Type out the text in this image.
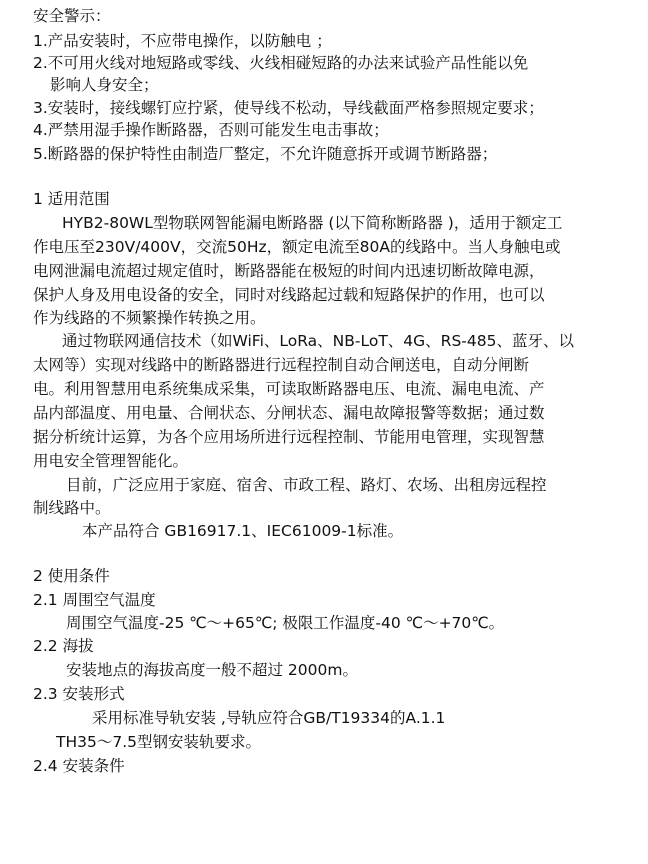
安全警示：
1.产品安装时，不应带电操作，以防触电 ；
2.不可用火线对地短路或零线、火线相碰短路的办法来试验产品性能以免
影响人身安全；
3.安装时，接线螺钉应拧紧，使导线不松动，导线截面严格参照规定要求；
4.严禁用湿手操作断路器，否则可能发生电击事故；
5.断路器的保护特性由制造厂整定，不允许随意拆开或调节断路器；
1 适用范围
HYB2-80WL型物联网智能漏电断路器 (以下简称断路器 )，适用于额定工
作电压至230V/400V，交流50Hz，额定电流至80A的线路中。当人身触电或
电网泄漏电流超过规定值时，断路器能在极短的时间内迅速切断故障电源，
保护人身及用电设备的安全，同时对线路起过载和短路保护的作用，也可以
作为线路的不频繁操作转换之用。
通过物联网通信技术（如WiFi、LoRa、NB-LoT、4G、RS-485、蓝牙、以
太网等）实现对线路中的断路器进行远程控制自动合闸送电，自动分闸断
电。利用智慧用电系统集成采集，可读取断路器电压、电流、漏电电流、产
品内部温度、用电量、合闸状态、分闸状态、漏电故障报警等数据；通过数
据分析统计运算，为各个应用场所进行远程控制、节能用电管理，实现智慧
用电安全管理智能化。
目前，广泛应用于家庭、宿舍、市政工程、路灯、农场、出租房远程控
制线路中。
本产品符合 GB16917.1、IEC61009-1标准。
2 使用条件
2.1 周围空气温度
周围空气温度-25 ℃～+65℃; 极限工作温度-40 ℃～+70℃。
2.2 海拔
安装地点的海拔高度一般不超过 2000m。
2.3 安装形式
采用标准导轨安装 ,导轨应符合GB/T19334的A.1.1
TH35～7.5型钢安装轨要求。
2.4 安装条件
